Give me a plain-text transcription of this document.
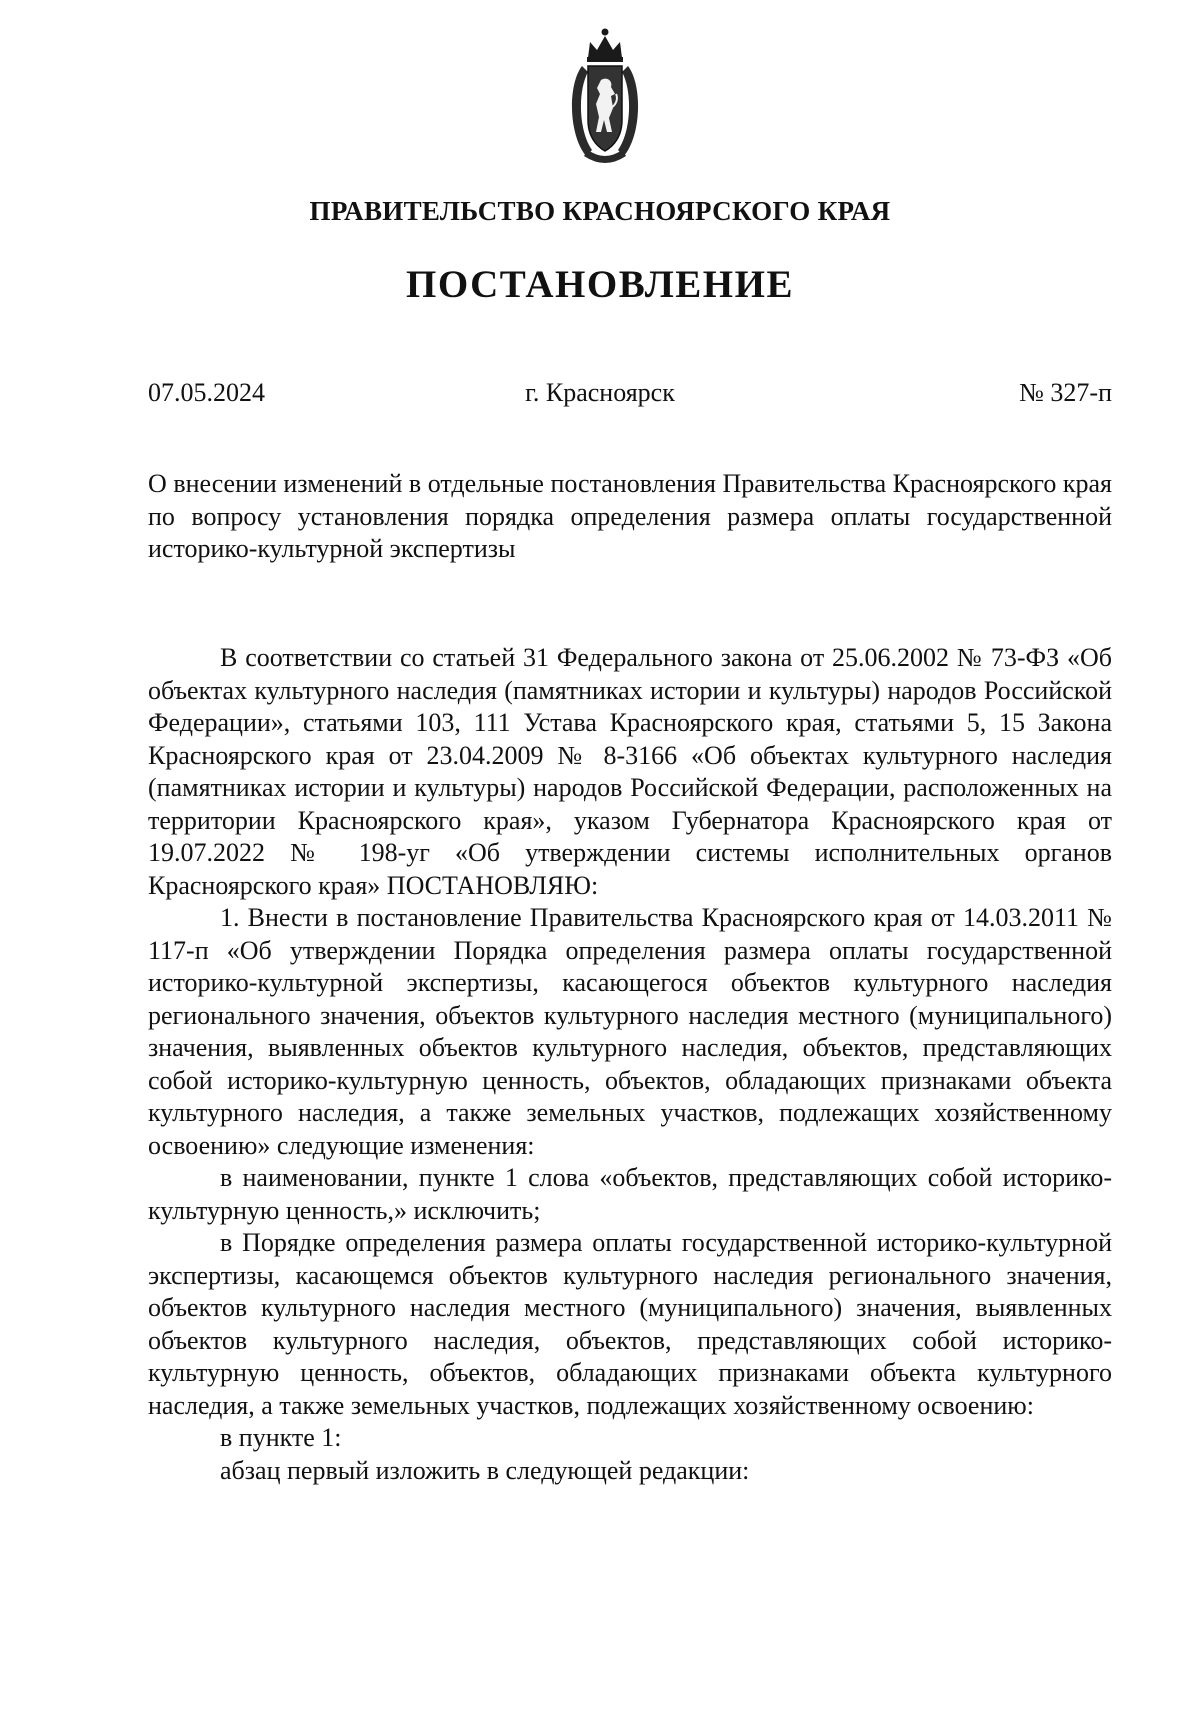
ПРАВИТЕЛЬСТВО КРАСНОЯРСКОГО КРАЯ
ПОСТАНОВЛЕНИЕ
07.05.2024	г. Красноярск	№ 327-п
О внесении изменений в отдельные постановления Правительства Красноярского края по вопросу установления порядка определения размера оплаты государственной историко-культурной экспертизы

В соответствии со статьей 31 Федерального закона от 25.06.2002 № 73-ФЗ «Об объектах культурного наследия (памятниках истории и культуры) народов Российской Федерации», статьями 103, 111 Устава Красноярского края, статьями 5, 15 Закона Красноярского края от 23.04.2009 № 8-3166 «Об объектах культурного наследия (памятниках истории и культуры) народов Российской Федерации, расположенных на территории Красноярского края», указом Губернатора Красноярского края от 19.07.2022 № 198-уг «Об утверждении системы исполнительных органов Красноярского края» ПОСТАНОВЛЯЮ:

1. Внести в постановление Правительства Красноярского края от 14.03.2011 № 117-п «Об утверждении Порядка определения размера оплаты государственной историко-культурной экспертизы, касающегося объектов культурного наследия регионального значения, объектов культурного наследия местного (муниципального) значения, выявленных объектов культурного наследия, объектов, представляющих собой историко-культурную ценность, объектов, обладающих признаками объекта культурного наследия, а также земельных участков, подлежащих хозяйственному освоению» следующие изменения:

в наименовании, пункте 1 слова «объектов, представляющих собой историко-культурную ценность,» исключить;

в Порядке определения размера оплаты государственной историко-культурной экспертизы, касающемся объектов культурного наследия регионального значения, объектов культурного наследия местного (муниципального) значения, выявленных объектов культурного наследия, объектов, представляющих собой историко-культурную ценность, объектов, обладающих признаками объекта культурного наследия, а также земельных участков, подлежащих хозяйственному освоению:

в пункте 1:

абзац первый изложить в следующей редакции:
